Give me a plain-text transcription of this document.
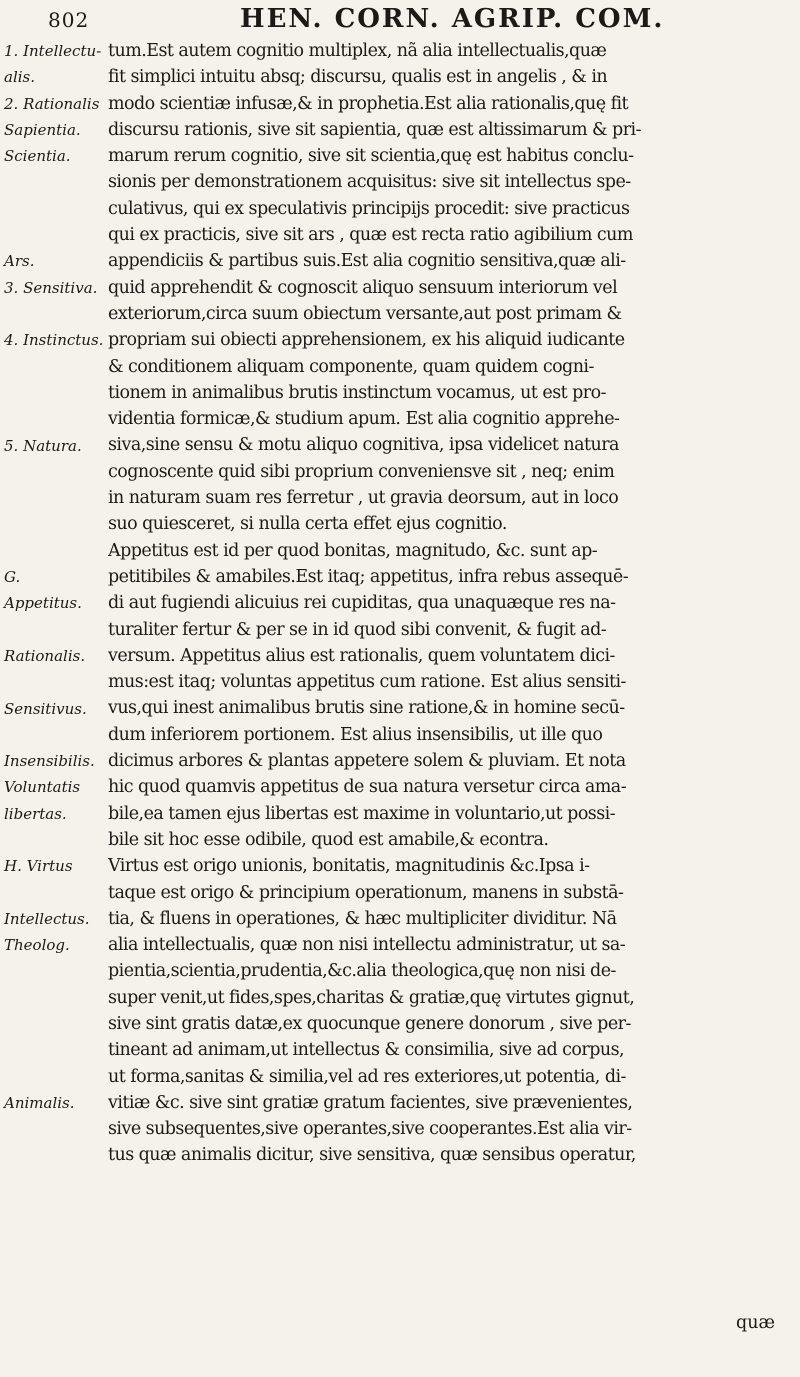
802	HEN. CORN. AGRIP. COM.
1. Intellectu-
alis.
2. Rationalis
Sapientia.
Scientia.
Ars.
3. Sensitiva.
4. Instinctus.
5. Natura.
G.
Appetitus.
Rationalis.
Sensitivus.
Insensibilis.
Voluntatis
libertas.
H. Virtus
Intellectus.
Theolog.
Animalis.
tum.Est autem cognitio multiplex, nã alia intellectualis,quæ
fit simplici intuitu absq; discursu, qualis est in angelis , & in
modo scientiæ infusæ,& in prophetia.Est alia rationalis,quę fit
discursu rationis, sive sit sapientia, quæ est altissimarum & pri-
marum rerum cognitio, sive sit scientia,quę est habitus conclu-
sionis per demonstrationem acquisitus: sive sit intellectus spe-
culativus, qui ex speculativis principijs procedit: sive practicus
qui ex practicis, sive sit ars , quæ est recta ratio agibilium cum
appendiciis & partibus suis.Est alia cognitio sensitiva,quæ ali-
quid apprehendit & cognoscit aliquo sensuum interiorum vel
exteriorum,circa suum obiectum versante,aut post primam &
propriam sui obiecti apprehensionem, ex his aliquid iudicante
& conditionem aliquam componente, quam quidem cogni-
tionem in animalibus brutis instinctum vocamus, ut est pro-
videntia formicæ,& studium apum. Est alia cognitio apprehe-
siva,sine sensu & motu aliquo cognitiva, ipsa videlicet natura
cognoscente quid sibi proprium conveniensve sit , neq; enim
in naturam suam res ferretur , ut gravia deorsum, aut in loco
suo quiesceret, si nulla certa effet ejus cognitio.
Appetitus est id per quod bonitas, magnitudo, &c. sunt ap-
petitibiles & amabiles.Est itaq; appetitus, infra rebus assequē-
di aut fugiendi alicuius rei cupiditas, qua unaquæque res na-
turaliter fertur & per se in id quod sibi convenit, & fugit ad-
versum. Appetitus alius est rationalis, quem voluntatem dici-
mus:est itaq; voluntas appetitus cum ratione. Est alius sensiti-
vus,qui inest animalibus brutis sine ratione,& in homine secū-
dum inferiorem portionem. Est alius insensibilis, ut ille quo
dicimus arbores & plantas appetere solem & pluviam. Et nota
hic quod quamvis appetitus de sua natura versetur circa ama-
bile,ea tamen ejus libertas est maxime in voluntario,ut possi-
bile sit hoc esse odibile, quod est amabile,& econtra.
Virtus est origo unionis, bonitatis, magnitudinis &c.Ipsa i-
taque est origo & principium operationum, manens in substā-
tia, & fluens in operationes, & hæc multipliciter dividitur. Nā
alia intellectualis, quæ non nisi intellectu administratur, ut sa-
pientia,scientia,prudentia,&c.alia theologica,quę non nisi de-
super venit,ut fides,spes,charitas & gratiæ,quę virtutes gignut,
sive sint gratis datæ,ex quocunque genere donorum , sive per-
tineant ad animam,ut intellectus & consimilia, sive ad corpus,
ut forma,sanitas & similia,vel ad res exteriores,ut potentia, di-
vitiæ &c. sive sint gratiæ gratum facientes, sive prævenientes,
sive subsequentes,sive operantes,sive cooperantes.Est alia vir-
tus quæ animalis dicitur, sive sensitiva, quæ sensibus operatur,
quæ
